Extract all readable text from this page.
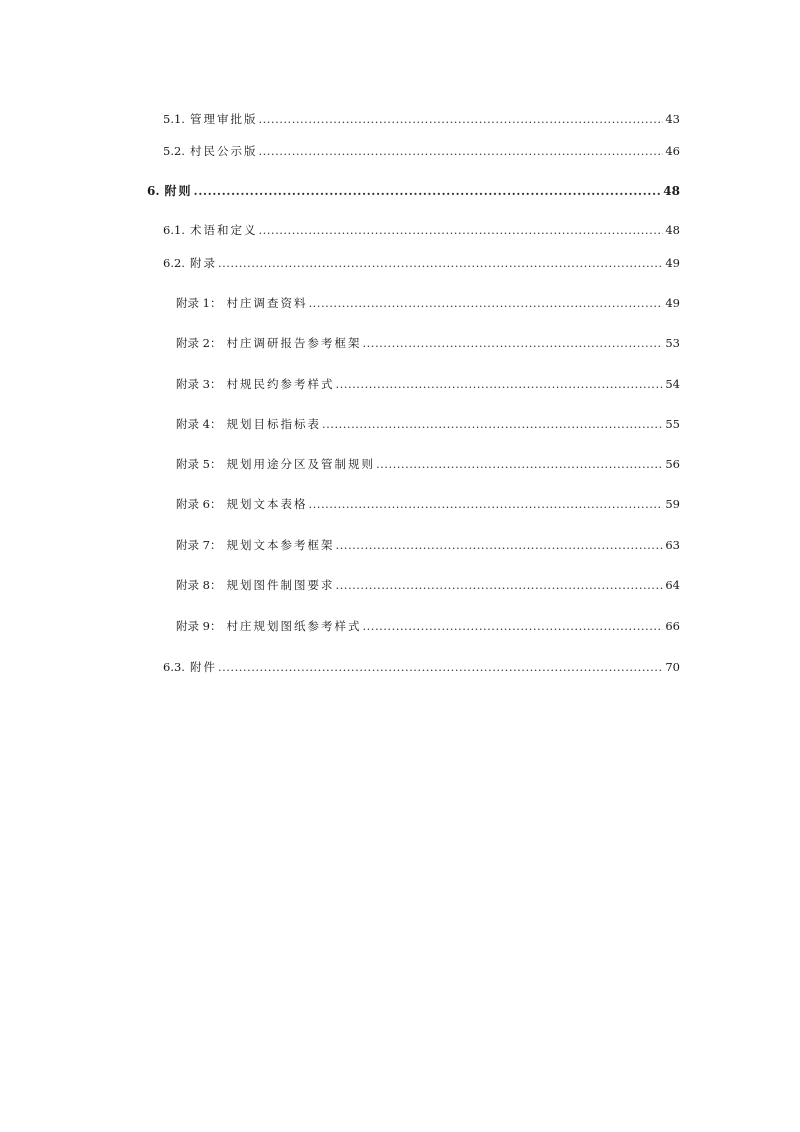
5.1. 管理审批版 .....	43
5.2. 村民公示版 .....	46
6. 附则 .....	48
6.1. 术语和定义 .....	48
6.2. 附录 .....	49
附录 1： 村庄调查资料 .....	49
附录 2： 村庄调研报告参考框架 .....	53
附录 3： 村规民约参考样式 .....	54
附录 4： 规划目标指标表 .....	55
附录 5： 规划用途分区及管制规则 .....	56
附录 6： 规划文本表格 .....	59
附录 7： 规划文本参考框架 .....	63
附录 8： 规划图件制图要求 .....	64
附录 9： 村庄规划图纸参考样式 .....	66
6.3. 附件 .....	70
